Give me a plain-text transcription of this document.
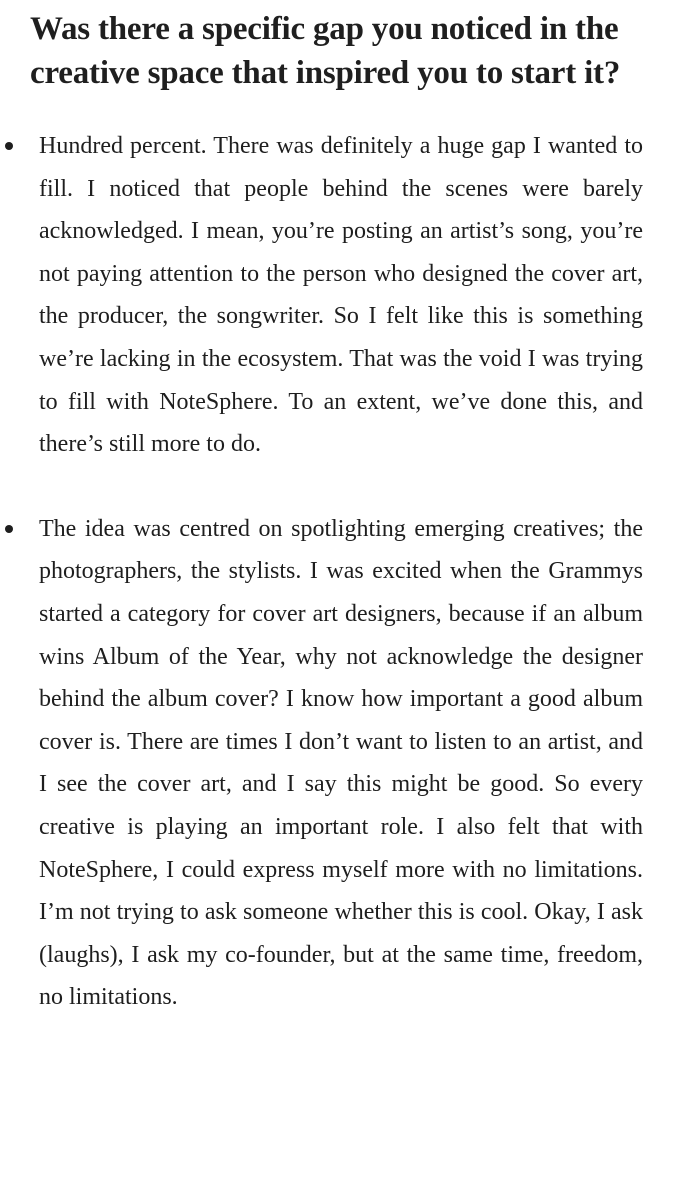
Was there a specific gap you noticed in the creative space that inspired you to start it?
Hundred percent. There was definitely a huge gap I wanted to fill. I noticed that people behind the scenes were barely acknowledged. I mean, you’re posting an artist’s song, you’re not paying attention to the person who designed the cover art, the producer, the songwriter. So I felt like this is something we’re lacking in the ecosystem. That was the void I was trying to fill with NoteSphere. To an extent, we’ve done this, and there’s still more to do.
The idea was centred on spotlighting emerging creatives; the photographers, the stylists. I was excited when the Grammys started a category for cover art designers, because if an album wins Album of the Year, why not acknowledge the designer behind the album cover? I know how important a good album cover is. There are times I don’t want to listen to an artist, and I see the cover art, and I say this might be good. So every creative is playing an important role. I also felt that with NoteSphere, I could express myself more with no limitations. I’m not trying to ask someone whether this is cool. Okay, I ask (laughs), I ask my co-founder, but at the same time, freedom, no limitations.
